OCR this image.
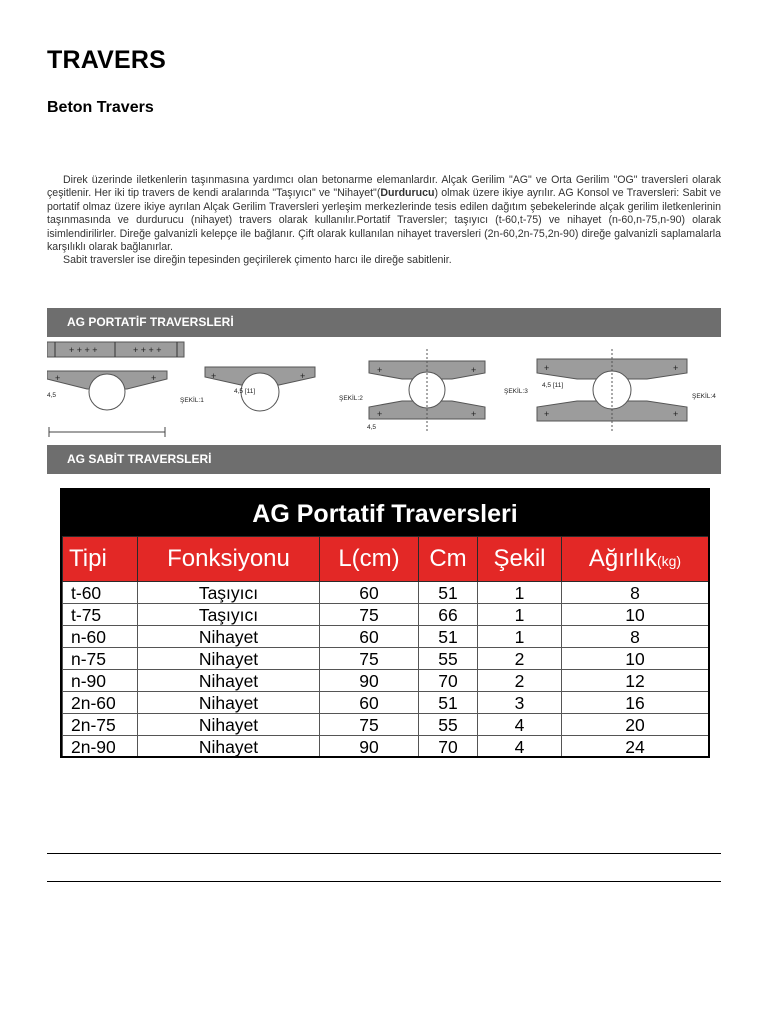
TRAVERS
Beton Travers

Direk üzerinde iletkenlerin taşınmasına yardımcı olan betonarme elemanlardır. Alçak Gerilim "AG" ve Orta Gerilim "OG" traversleri olarak çeşitlenir. Her iki tip travers de kendi aralarında "Taşıyıcı" ve "Nihayet"(Durdurucu) olmak üzere ikiye ayrılır. AG Konsol ve Traversleri: Sabit ve portatif olmaz üzere ikiye ayrılan Alçak Gerilim Traversleri yerleşim merkezlerinde tesis edilen dağıtım şebekelerinde alçak gerilim iletkenlerinin taşınmasında ve durdurucu (nihayet) travers olarak kullanılır.Portatif Traversler; taşıyıcı (t-60,t-75) ve nihayet (n-60,n-75,n-90) olarak isimlendirilirler. Direğe galvanizli kelepçe ile bağlanır. Çift olarak kullanılan nihayet traversleri (2n-60,2n-75,2n-90) direğe galvanizli saplamalarla karşılıklı olarak bağlanırlar.

Sabit traversler ise direğin tepesinden geçirilerek çimento harcı ile direğe sabitlenir.

AG PORTATİF TRAVERSLERİ
+ + + +	+ + + +
+	+	+	+
+	+
+	+
+	+
+	+
4,5
4,5 [11]
4,5
4,5 [11]
ŞEKİL:1	ŞEKİL:2
ŞEKİL:3
ŞEKİL:4
AG SABİT TRAVERSLERİ
AG Portatif Traversleri
Tipi	Fonksiyonu	L(cm)	Cm	Şekil	Ağırlık(kg)
t-60	Taşıyıcı	60	51	1	8
t-75	Taşıyıcı	75	66	1	10
n-60	Nihayet	60	51	1	8
n-75	Nihayet	75	55	2	10
n-90	Nihayet	90	70	2	12
2n-60	Nihayet	60	51	3	16
2n-75	Nihayet	75	55	4	20
2n-90	Nihayet	90	70	4	24
